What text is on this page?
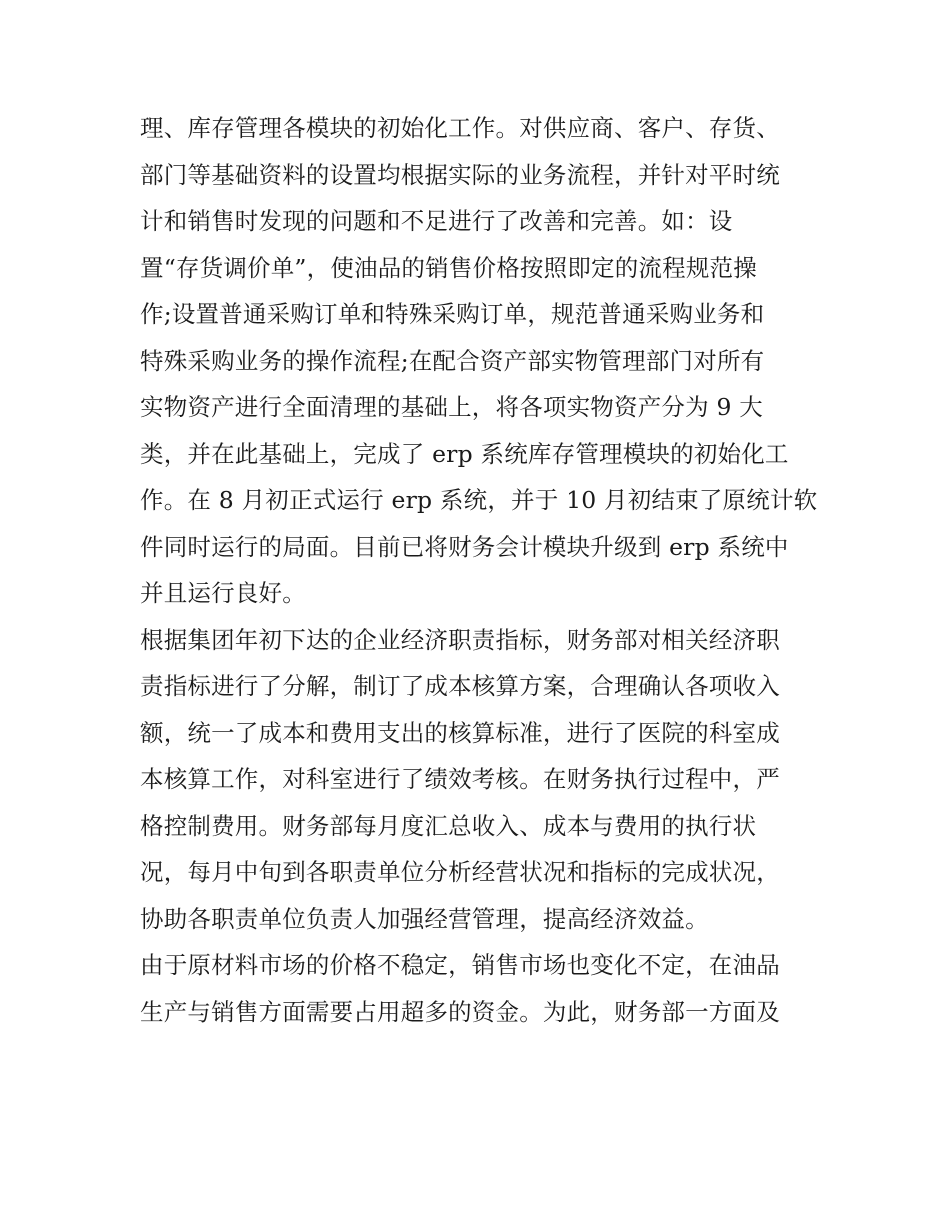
理、库存管理各模块的初始化工作。对供应商、客户、存货、
部门等基础资料的设置均根据实际的业务流程，并针对平时统
计和销售时发现的问题和不足进行了改善和完善。如：设
置“存货调价单”，使油品的销售价格按照即定的流程规范操
作;设置普通采购订单和特殊采购订单，规范普通采购业务和
特殊采购业务的操作流程;在配合资产部实物管理部门对所有
实物资产进行全面清理的基础上，将各项实物资产分为 9 大
类，并在此基础上，完成了 erp 系统库存管理模块的初始化工
作。在 8 月初正式运行 erp 系统，并于 10 月初结束了原统计软
件同时运行的局面。目前已将财务会计模块升级到 erp 系统中
并且运行良好。
根据集团年初下达的企业经济职责指标，财务部对相关经济职
责指标进行了分解，制订了成本核算方案，合理确认各项收入
额，统一了成本和费用支出的核算标准，进行了医院的科室成
本核算工作，对科室进行了绩效考核。在财务执行过程中，严
格控制费用。财务部每月度汇总收入、成本与费用的执行状
况，每月中旬到各职责单位分析经营状况和指标的完成状况，
协助各职责单位负责人加强经营管理，提高经济效益。
由于原材料市场的价格不稳定，销售市场也变化不定，在油品
生产与销售方面需要占用超多的资金。为此，财务部一方面及
